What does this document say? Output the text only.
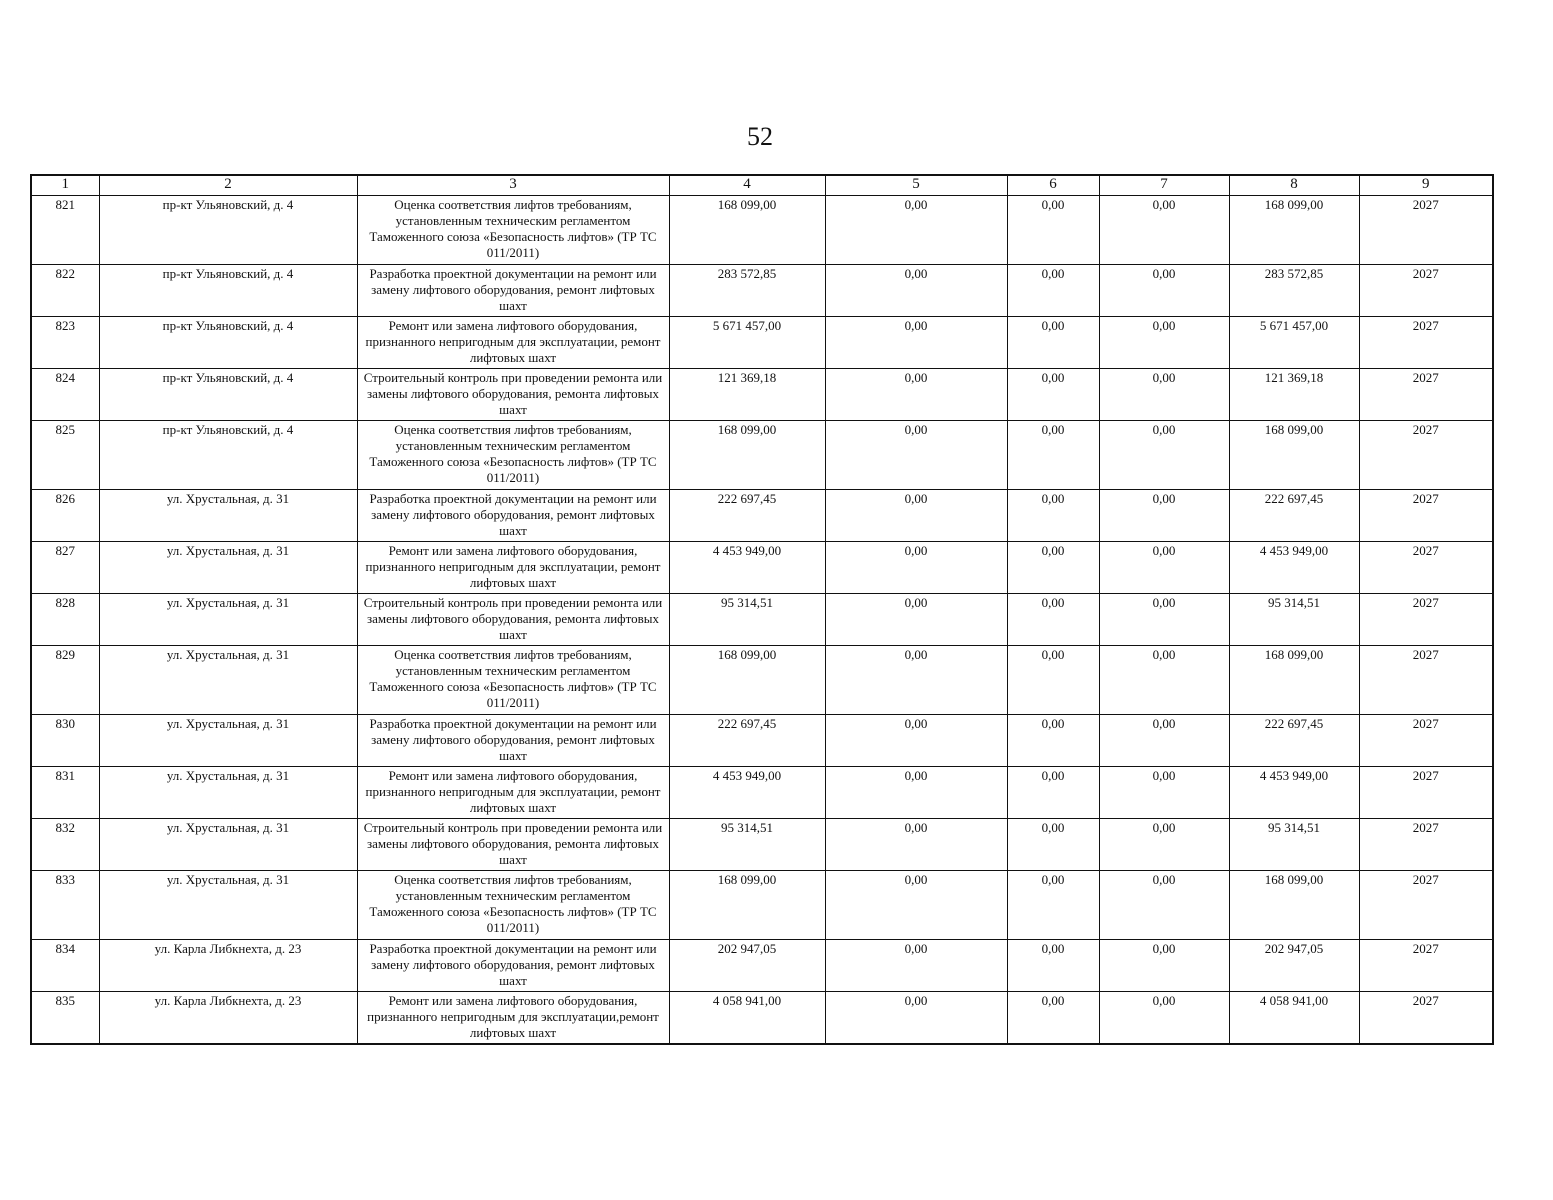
52
1	2	3	4	5	6	7	8	9
821	пр-кт Ульяновский, д. 4	Оценка соответствия лифтов требованиям, установленным техническим регламентом Таможенного союза «Безопасность лифтов» (ТР ТС 011/2011)	168 099,00	0,00	0,00	0,00	168 099,00	2027
822	пр-кт Ульяновский, д. 4	Разработка проектной документации на ремонт или замену лифтового оборудования, ремонт лифтовых шахт	283 572,85	0,00	0,00	0,00	283 572,85	2027
823	пр-кт Ульяновский, д. 4	Ремонт или замена лифтового оборудования, признанного непригодным для эксплуатации, ремонт лифтовых шахт	5 671 457,00	0,00	0,00	0,00	5 671 457,00	2027
824	пр-кт Ульяновский, д. 4	Строительный контроль при проведении ремонта или замены лифтового оборудования, ремонта лифтовых шахт	121 369,18	0,00	0,00	0,00	121 369,18	2027
825	пр-кт Ульяновский, д. 4	Оценка соответствия лифтов требованиям, установленным техническим регламентом Таможенного союза «Безопасность лифтов» (ТР ТС 011/2011)	168 099,00	0,00	0,00	0,00	168 099,00	2027
826	ул. Хрустальная, д. 31	Разработка проектной документации на ремонт или замену лифтового оборудования, ремонт лифтовых шахт	222 697,45	0,00	0,00	0,00	222 697,45	2027
827	ул. Хрустальная, д. 31	Ремонт или замена лифтового оборудования, признанного непригодным для эксплуатации, ремонт лифтовых шахт	4 453 949,00	0,00	0,00	0,00	4 453 949,00	2027
828	ул. Хрустальная, д. 31	Строительный контроль при проведении ремонта или замены лифтового оборудования, ремонта лифтовых шахт	95 314,51	0,00	0,00	0,00	95 314,51	2027
829	ул. Хрустальная, д. 31	Оценка соответствия лифтов требованиям, установленным техническим регламентом Таможенного союза «Безопасность лифтов» (ТР ТС 011/2011)	168 099,00	0,00	0,00	0,00	168 099,00	2027
830	ул. Хрустальная, д. 31	Разработка проектной документации на ремонт или замену лифтового оборудования, ремонт лифтовых шахт	222 697,45	0,00	0,00	0,00	222 697,45	2027
831	ул. Хрустальная, д. 31	Ремонт или замена лифтового оборудования, признанного непригодным для эксплуатации, ремонт лифтовых шахт	4 453 949,00	0,00	0,00	0,00	4 453 949,00	2027
832	ул. Хрустальная, д. 31	Строительный контроль при проведении ремонта или замены лифтового оборудования, ремонта лифтовых шахт	95 314,51	0,00	0,00	0,00	95 314,51	2027
833	ул. Хрустальная, д. 31	Оценка соответствия лифтов требованиям, установленным техническим регламентом Таможенного союза «Безопасность лифтов» (ТР ТС 011/2011)	168 099,00	0,00	0,00	0,00	168 099,00	2027
834	ул. Карла Либкнехта, д. 23	Разработка проектной документации на ремонт или замену лифтового оборудования, ремонт лифтовых шахт	202 947,05	0,00	0,00	0,00	202 947,05	2027
835	ул. Карла Либкнехта, д. 23	Ремонт или замена лифтового оборудования, признанного непригодным для эксплуатации,ремонт лифтовых шахт	4 058 941,00	0,00	0,00	0,00	4 058 941,00	2027
